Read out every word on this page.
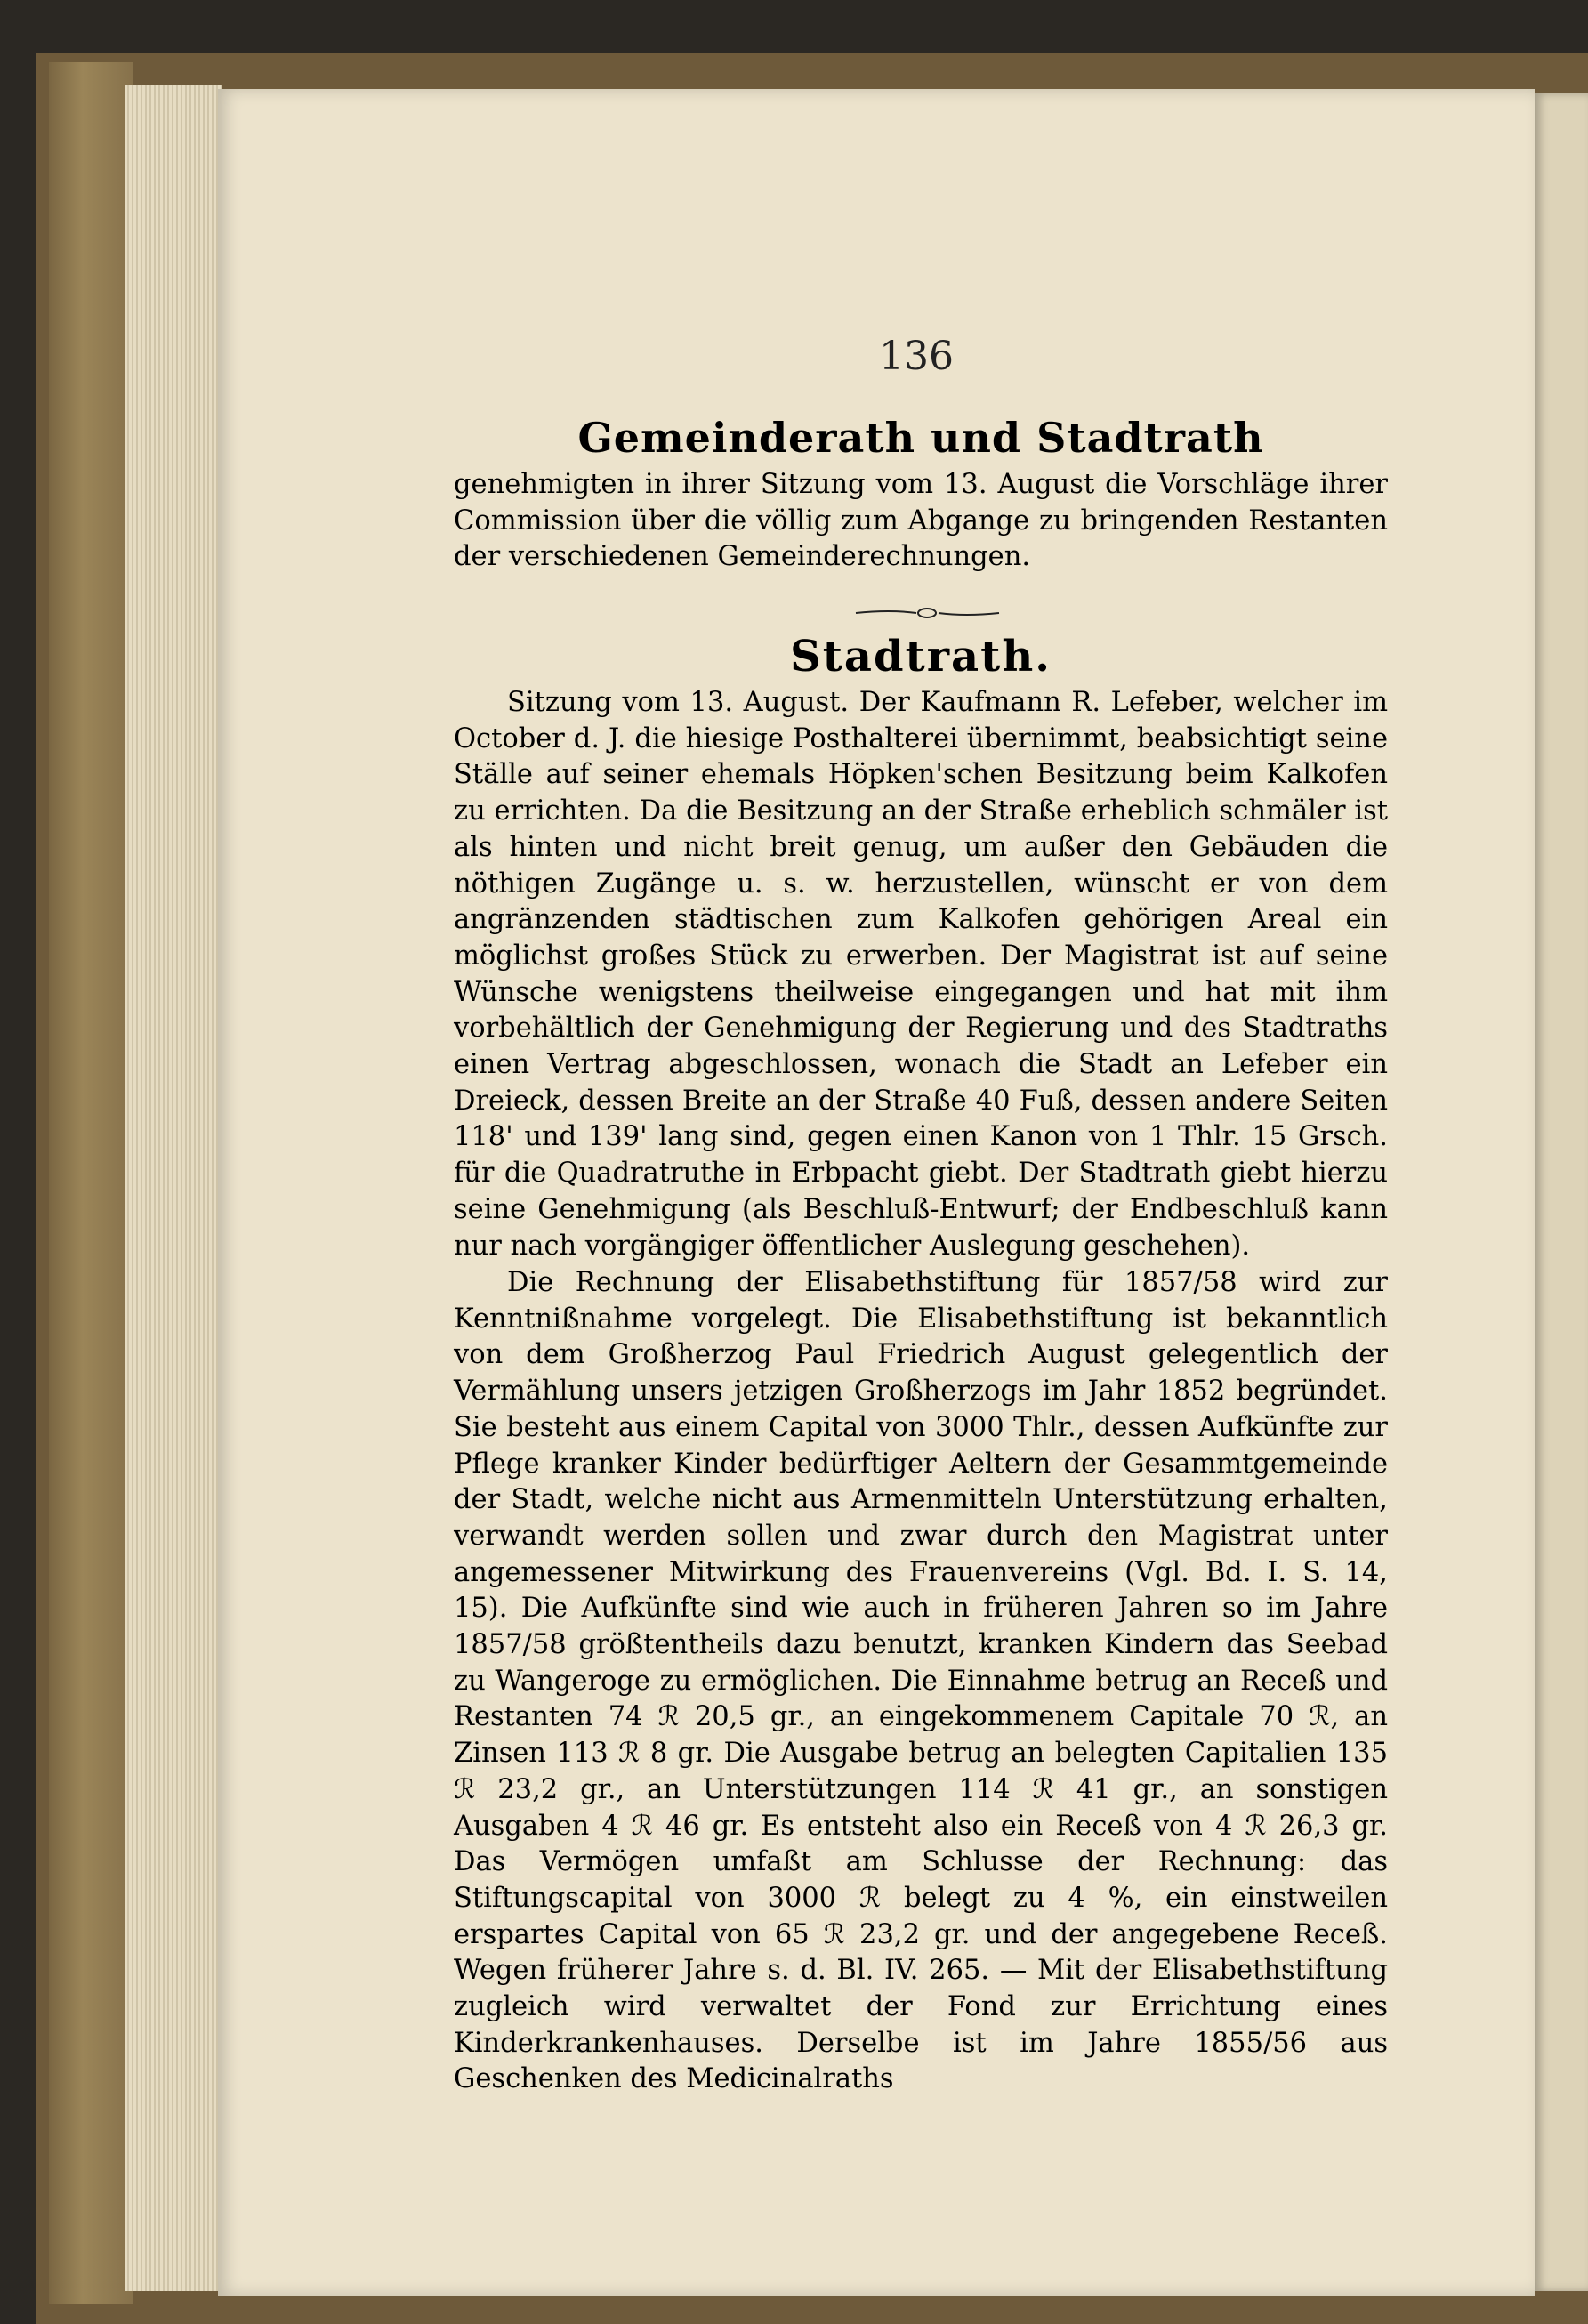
136
Gemeinderath und Stadtrath
genehmigten in ihrer Sitzung vom 13. August die Vorschläge ihrer Commission über die völlig zum Abgange zu bringenden Restanten der verschiedenen Gemeinderechnungen.
Stadtrath.
Sitzung vom 13. August. Der Kaufmann R. Lefeber, welcher im October d. J. die hiesige Posthalterei übernimmt, beabsichtigt seine Ställe auf seiner ehemals Höpken'schen Besitzung beim Kalkofen zu errichten. Da die Besitzung an der Straße erheblich schmäler ist als hinten und nicht breit genug, um außer den Gebäuden die nöthigen Zugänge u. s. w. herzustellen, wünscht er von dem angränzenden städtischen zum Kalkofen gehörigen Areal ein möglichst großes Stück zu erwerben. Der Magistrat ist auf seine Wünsche wenigstens theilweise eingegangen und hat mit ihm vorbehältlich der Genehmigung der Regierung und des Stadtraths einen Vertrag abgeschlossen, wonach die Stadt an Lefeber ein Dreieck, dessen Breite an der Straße 40 Fuß, dessen andere Seiten 118' und 139' lang sind, gegen einen Kanon von 1 Thlr. 15 Grsch. für die Quadratruthe in Erbpacht giebt. Der Stadtrath giebt hierzu seine Genehmigung (als Beschluß-Entwurf; der Endbeschluß kann nur nach vorgängiger öffentlicher Auslegung geschehen).
Die Rechnung der Elisabethstiftung für 1857/58 wird zur Kenntnißnahme vorgelegt. Die Elisabethstiftung ist bekanntlich von dem Großherzog Paul Friedrich August gelegentlich der Vermählung unsers jetzigen Großherzogs im Jahr 1852 begründet. Sie besteht aus einem Capital von 3000 Thlr., dessen Aufkünfte zur Pflege kranker Kinder bedürftiger Aeltern der Gesammtgemeinde der Stadt, welche nicht aus Armenmitteln Unterstützung erhalten, verwandt werden sollen und zwar durch den Magistrat unter angemessener Mitwirkung des Frauenvereins (Vgl. Bd. I. S. 14, 15). Die Aufkünfte sind wie auch in früheren Jahren so im Jahre 1857/58 größtentheils dazu benutzt, kranken Kindern das Seebad zu Wangeroge zu ermöglichen. Die Einnahme betrug an Receß und Restanten 74 ℛ 20,5 gr., an eingekommenem Capitale 70 ℛ, an Zinsen 113 ℛ 8 gr. Die Ausgabe betrug an belegten Capitalien 135 ℛ 23,2 gr., an Unterstützungen 114 ℛ 41 gr., an sonstigen Ausgaben 4 ℛ 46 gr. Es entsteht also ein Receß von 4 ℛ 26,3 gr. Das Vermögen umfaßt am Schlusse der Rechnung: das Stiftungscapital von 3000 ℛ belegt zu 4 %, ein einstweilen erspartes Capital von 65 ℛ 23,2 gr. und der angegebene Receß. Wegen früherer Jahre s. d. Bl. IV. 265. — Mit der Elisabethstiftung zugleich wird verwaltet der Fond zur Errichtung eines Kinderkrankenhauses. Derselbe ist im Jahre 1855/56 aus Geschenken des Medicinalraths
